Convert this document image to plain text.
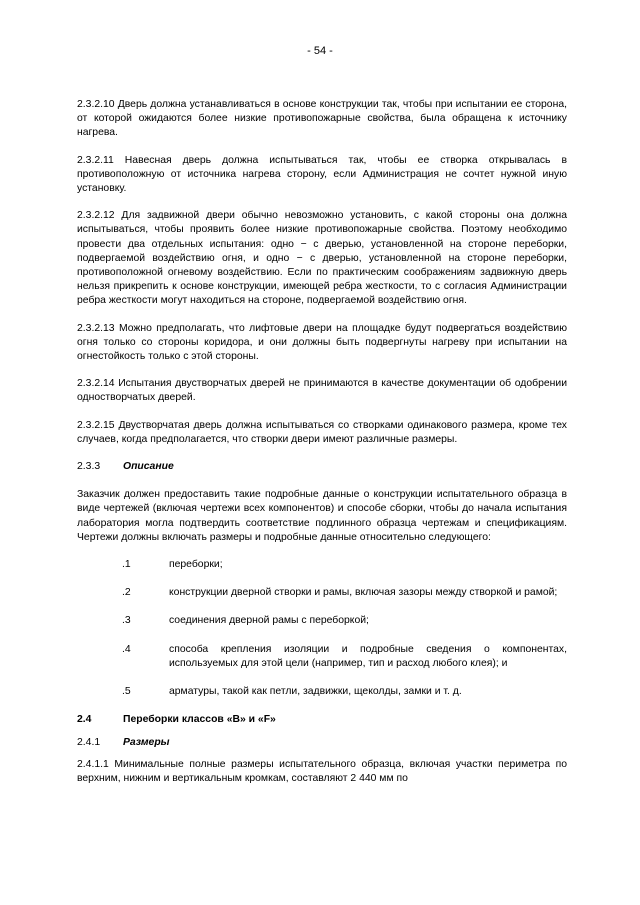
- 54 -

2.3.2.10 Дверь должна устанавливаться в основе конструкции так, чтобы при испытании ее сторона, от которой ожидаются более низкие противопожарные свойства, была обращена к источнику нагрева.

2.3.2.11 Навесная дверь должна испытываться так, чтобы ее створка открывалась в противоположную от источника нагрева сторону, если Администрация не сочтет нужной иную установку.

2.3.2.12 Для задвижной двери обычно невозможно установить, с какой стороны она должна испытываться, чтобы проявить более низкие противопожарные свойства. Поэтому необходимо провести два отдельных испытания: одно − с дверью, установленной на стороне переборки, подвергаемой воздействию огня, и одно − с дверью, установленной на стороне переборки, противоположной огневому воздействию. Если по практическим соображениям задвижную дверь нельзя прикрепить к основе конструкции, имеющей ребра жесткости, то с согласия Администрации ребра жесткости могут находиться на стороне, подвергаемой воздействию огня.

2.3.2.13 Можно предполагать, что лифтовые двери на площадке будут подвергаться воздействию огня только со стороны коридора, и они должны быть подвергнуты нагреву при испытании на огнестойкость только с этой стороны.

2.3.2.14 Испытания двустворчатых дверей не принимаются в качестве документации об одобрении одностворчатых дверей.

2.3.2.15 Двустворчатая дверь должна испытываться со створками одинакового размера, кроме тех случаев, когда предполагается, что створки двери имеют различные размеры.

2.3.3	Описание

Заказчик должен предоставить такие подробные данные о конструкции испытательного образца в виде чертежей (включая чертежи всех компонентов) и способе сборки, чтобы до начала испытания лаборатория могла подтвердить соответствие подлинного образца чертежам и спецификациям. Чертежи должны включать размеры и подробные данные относительно следующего:

.1	переборки;
.2	конструкции дверной створки и рамы, включая зазоры между створкой и рамой;
.3	соединения дверной рамы с переборкой;
.4	способа крепления изоляции и подробные сведения о компонентах, используемых для этой цели (например, тип и расход любого клея); и
.5	арматуры, такой как петли, задвижки, щеколды, замки и т. д.
2.4	Переборки классов «B» и «F»
2.4.1	Размеры

2.4.1.1 Минимальные полные размеры испытательного образца, включая участки периметра по верхним, нижним и вертикальным кромкам, составляют 2 440 мм по
